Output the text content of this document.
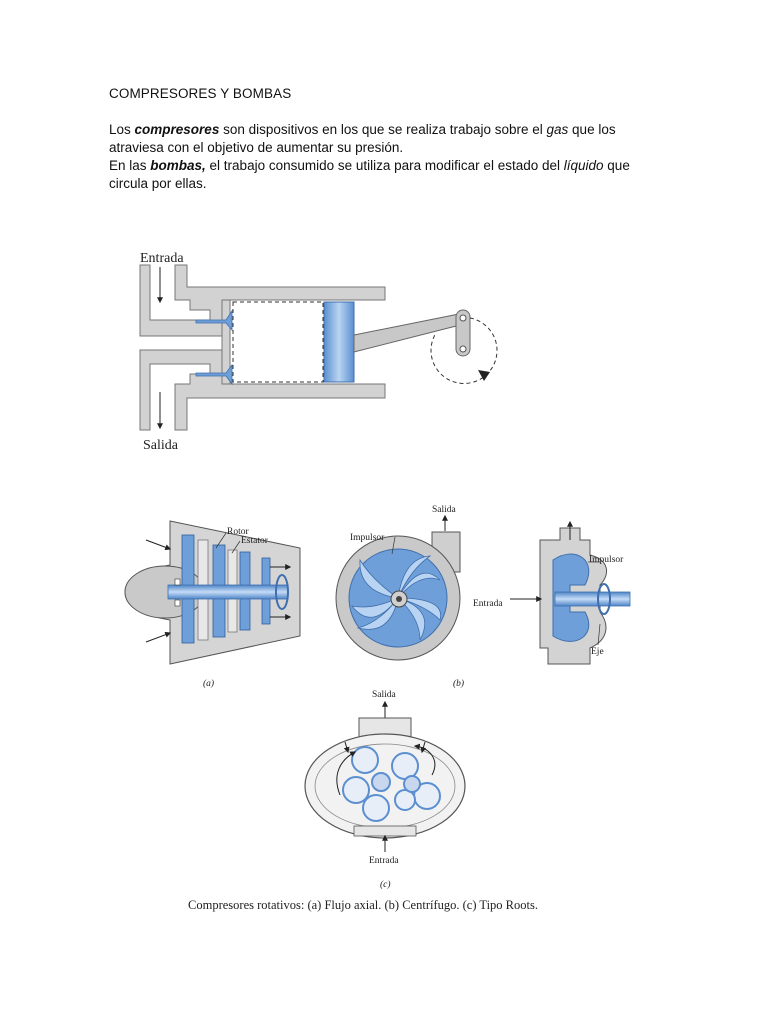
COMPRESORES Y BOMBAS

Los compresores son dispositivos en los que se realiza trabajo sobre el gas que los atraviesa con el objetivo de aumentar su presión.

En las bombas, el trabajo consumido se utiliza para modificar el estado del líquido que circula por ellas.

Entrada
Salida
Rotor
Estator
(a)
Salida
Impulsor
(b)
Entrada
Impulsor
Eje
Salida
Entrada
(c)
Compresores rotativos: (a) Flujo axial. (b) Centrífugo. (c) Tipo Roots.
